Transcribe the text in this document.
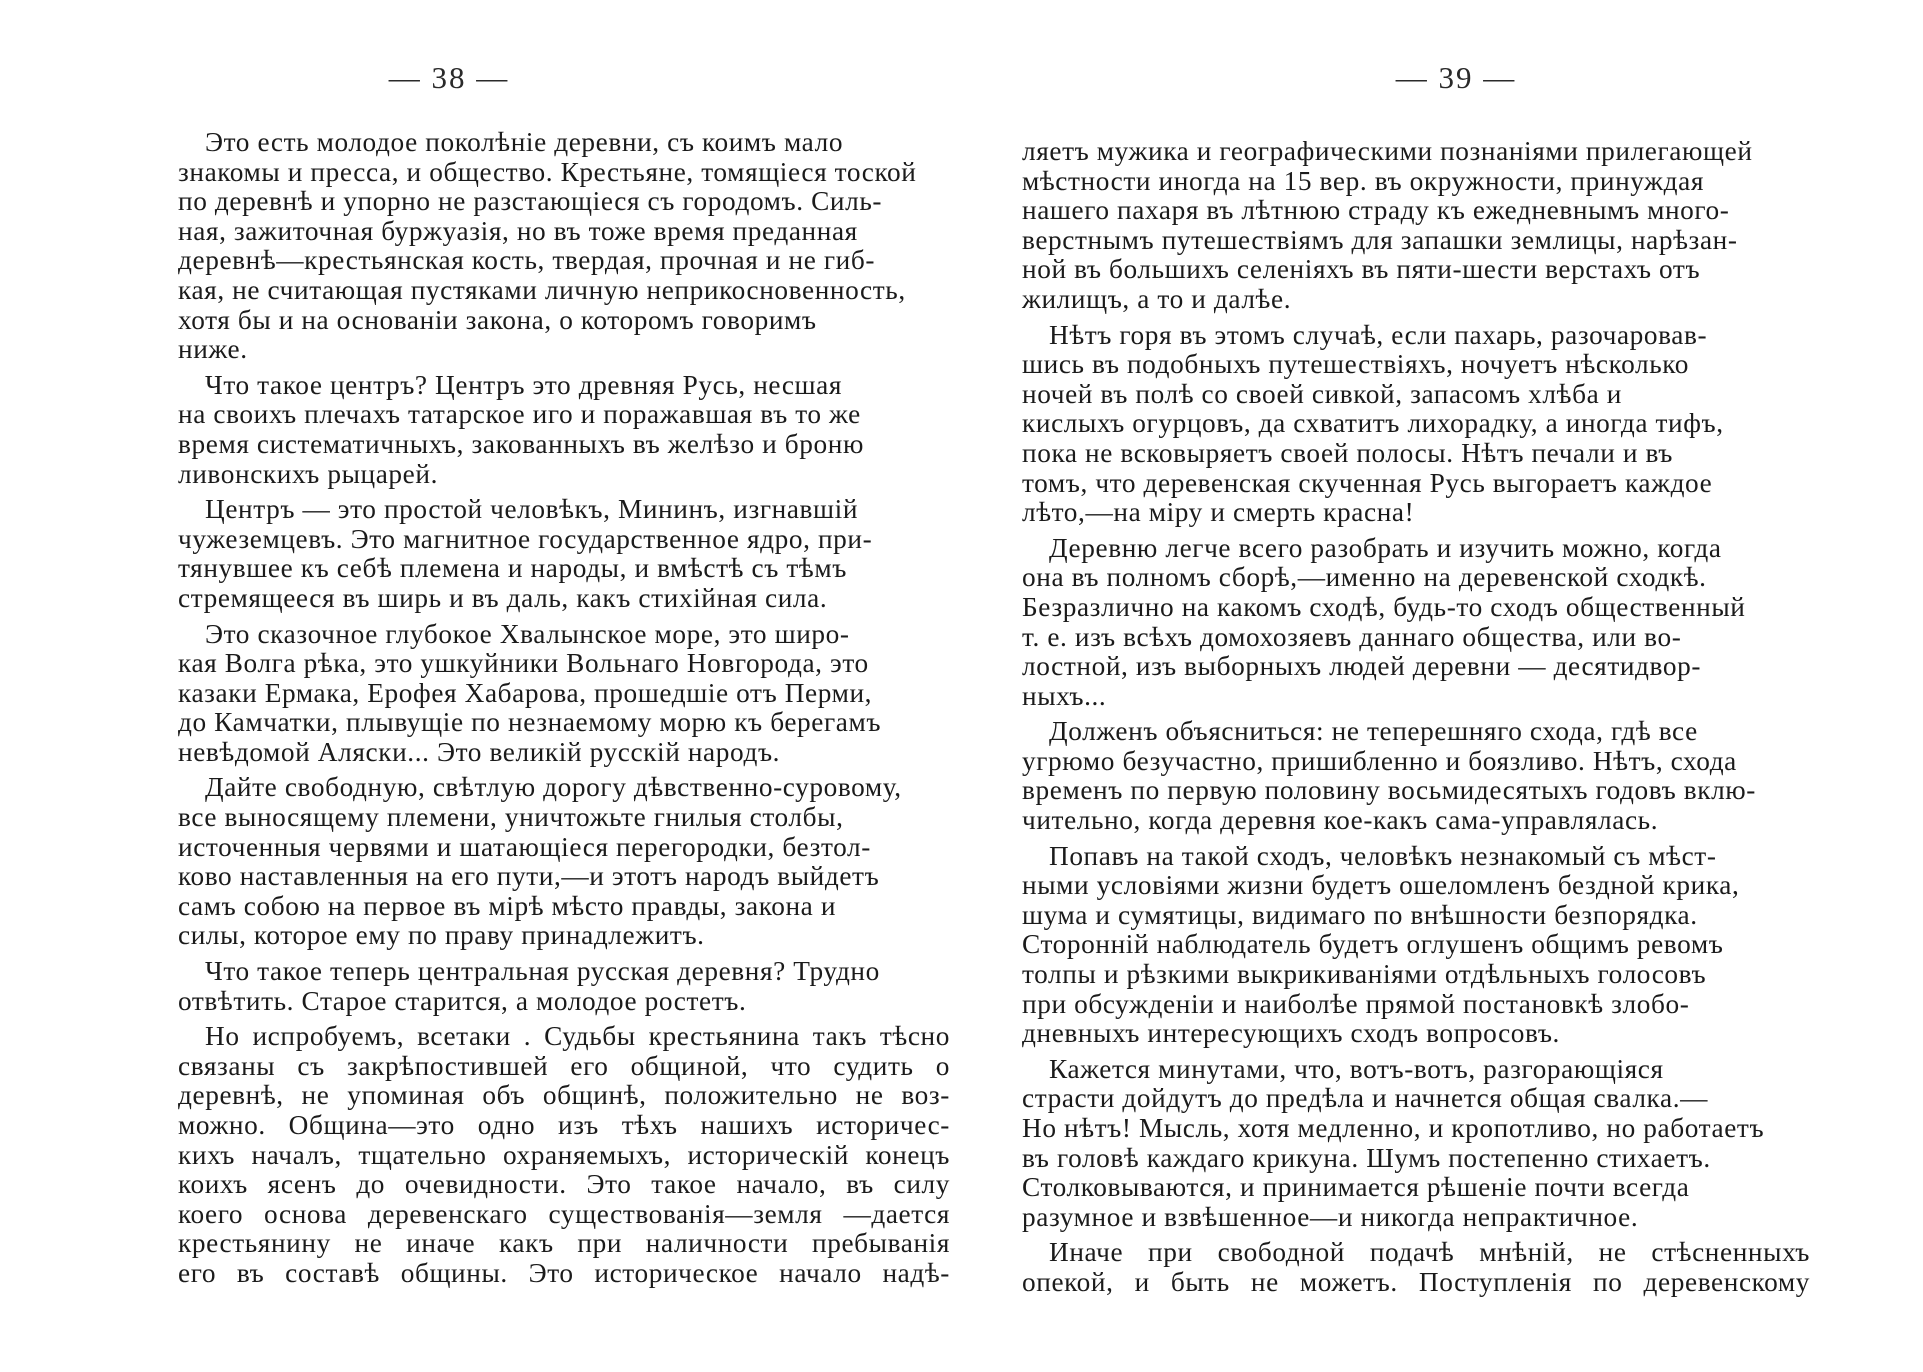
— 38 —

Это есть молодое поколѣніе деревни, съ коимъ мало
знакомы и пресса, и общество. Крестьяне, томящіеся тоской
по деревнѣ и упорно не разстающіеся съ городомъ. Силь-
ная, зажиточная буржуазія, но въ тоже время преданная
деревнѣ—крестьянская кость, твердая, прочная и не гиб-
кая, не считающая пустяками личную неприкосновенность,
хотя бы и на основаніи закона, о которомъ говоримъ
ниже.

Что такое центръ? Центръ это древняя Русь, несшая
на своихъ плечахъ татарское иго и поражавшая въ то же
время систематичныхъ, закованныхъ въ желѣзо и броню
ливонскихъ рыцарей.

Центръ — это простой человѣкъ, Мининъ, изгнавшій
чужеземцевъ. Это магнитное государственное ядро, при-
тянувшее къ себѣ племена и народы, и вмѣстѣ съ тѣмъ
стремящееся въ ширь и въ даль, какъ стихійная сила.

Это сказочное глубокое Хвалынское море, это широ-
кая Волга рѣка, это ушкуйники Вольнаго Новгорода, это
казаки Ермака, Ерофея Хабарова, прошедшіе отъ Перми,
до Камчатки, плывущіе по незнаемому морю къ берегамъ
невѣдомой Аляски... Это великій русскій народъ.

Дайте свободную, свѣтлую дорогу дѣвственно-суровому,
все выносящему племени, уничтожьте гнилыя столбы,
источенныя червями и шатающіеся перегородки, безтол-
ково наставленныя на его пути,—и этотъ народъ выйдетъ
самъ собою на первое въ мірѣ мѣсто правды, закона и
силы, которое ему по праву принадлежитъ.

Что такое теперь центральная русская деревня? Трудно
отвѣтить. Старое старится, а молодое ростетъ.

Но испробуемъ, всетаки . Судьбы крестьянина такъ тѣсно
связаны съ закрѣпостившей его общиной, что судить о
деревнѣ, не упоминая объ общинѣ, положительно не воз-
можно. Община—это одно изъ тѣхъ нашихъ историчес-
кихъ началъ, тщательно охраняемыхъ, историческій конецъ
коихъ ясенъ до очевидности. Это такое начало, въ силу
коего основа деревенскаго существованія—земля —дается
крестьянину не иначе какъ при наличности пребыванія
его въ составѣ общины. Это историческое начало надѣ-

— 39 —

ляетъ мужика и географическими познаніями прилегающей
мѣстности иногда на 15 вер. въ окружности, принуждая
нашего пахаря въ лѣтнюю страду къ ежедневнымъ много-
верстнымъ путешествіямъ для запашки землицы, нарѣзан-
ной въ большихъ селеніяхъ въ пяти-шести верстахъ отъ
жилищъ, а то и далѣе.

Нѣтъ горя въ этомъ случаѣ, если пахарь, разочаровав-
шись въ подобныхъ путешествіяхъ, ночуетъ нѣсколько
ночей въ полѣ со своей сивкой, запасомъ хлѣба и
кислыхъ огурцовъ, да схватитъ лихорадку, а иногда тифъ,
пока не всковыряетъ своей полосы. Нѣтъ печали и въ
томъ, что деревенская скученная Русь выгораетъ каждое
лѣто,—на міру и смерть красна!

Деревню легче всего разобрать и изучить можно, когда
она въ полномъ сборѣ,—именно на деревенской сходкѣ.
Безразлично на какомъ сходѣ, будь-то сходъ общественный
т. е. изъ всѣхъ домохозяевъ даннаго общества, или во-
лостной, изъ выборныхъ людей деревни — десятидвор-
ныхъ...

Долженъ объясниться: не теперешняго схода, гдѣ все
угрюмо безучастно, пришибленно и боязливо. Нѣтъ, схода
временъ по первую половину восьмидесятыхъ годовъ вклю-
чительно, когда деревня кое-какъ сама-управлялась.

Попавъ на такой сходъ, человѣкъ незнакомый съ мѣст-
ными условіями жизни будетъ ошеломленъ бездной крика,
шума и сумятицы, видимаго по внѣшности безпорядка.
Сторонній наблюдатель будетъ оглушенъ общимъ ревомъ
толпы и рѣзкими выкрикиваніями отдѣльныхъ голосовъ
при обсужденіи и наиболѣе прямой постановкѣ злобо-
дневныхъ интересующихъ сходъ вопросовъ.

Кажется минутами, что, вотъ-вотъ, разгорающіяся
страсти дойдутъ до предѣла и начнется общая свалка.—
Но нѣтъ! Мысль, хотя медленно, и кропотливо, но работаетъ
въ головѣ каждаго крикуна. Шумъ постепенно стихаетъ.
Столковываются, и принимается рѣшеніе почти всегда
разумное и взвѣшенное—и никогда непрактичное.

Иначе при свободной подачѣ мнѣній, не стѣсненныхъ
опекой, и быть не можетъ. Поступленія по деревенскому
